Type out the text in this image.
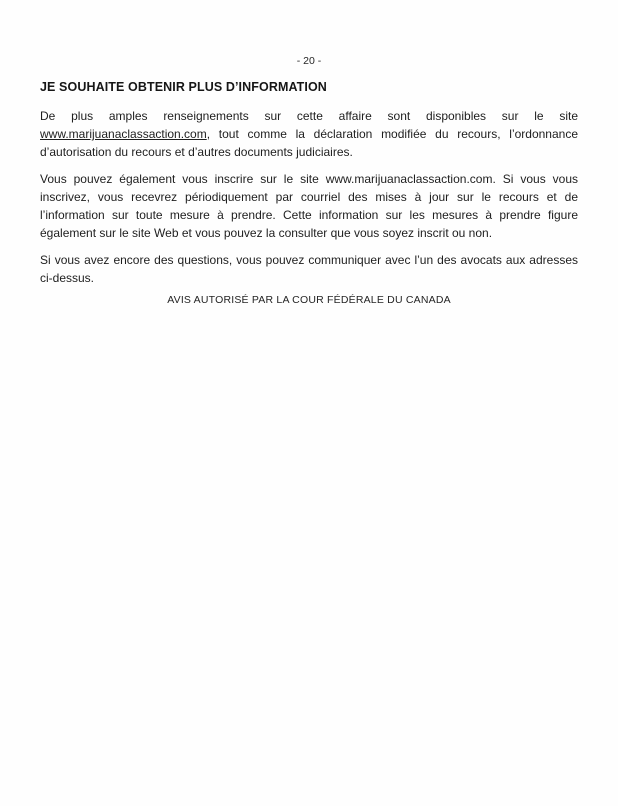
- 20 -
JE SOUHAITE OBTENIR PLUS D’INFORMATION

De plus amples renseignements sur cette affaire sont disponibles sur le site
www.marijuanaclassaction.com, tout comme la déclaration modifiée du recours, l’ordonnance
d’autorisation du recours et d’autres documents judiciaires.

Vous pouvez également vous inscrire sur le site www.marijuanaclassaction.com. Si vous vous
inscrivez, vous recevrez périodiquement par courriel des mises à jour sur le recours et de
l’information sur toute mesure à prendre. Cette information sur les mesures à prendre figure
également sur le site Web et vous pouvez la consulter que vous soyez inscrit ou non.

Si vous avez encore des questions, vous pouvez communiquer avec l’un des avocats aux adresses
ci-dessus.

AVIS AUTORISÉ PAR LA COUR FÉDÉRALE DU CANADA
